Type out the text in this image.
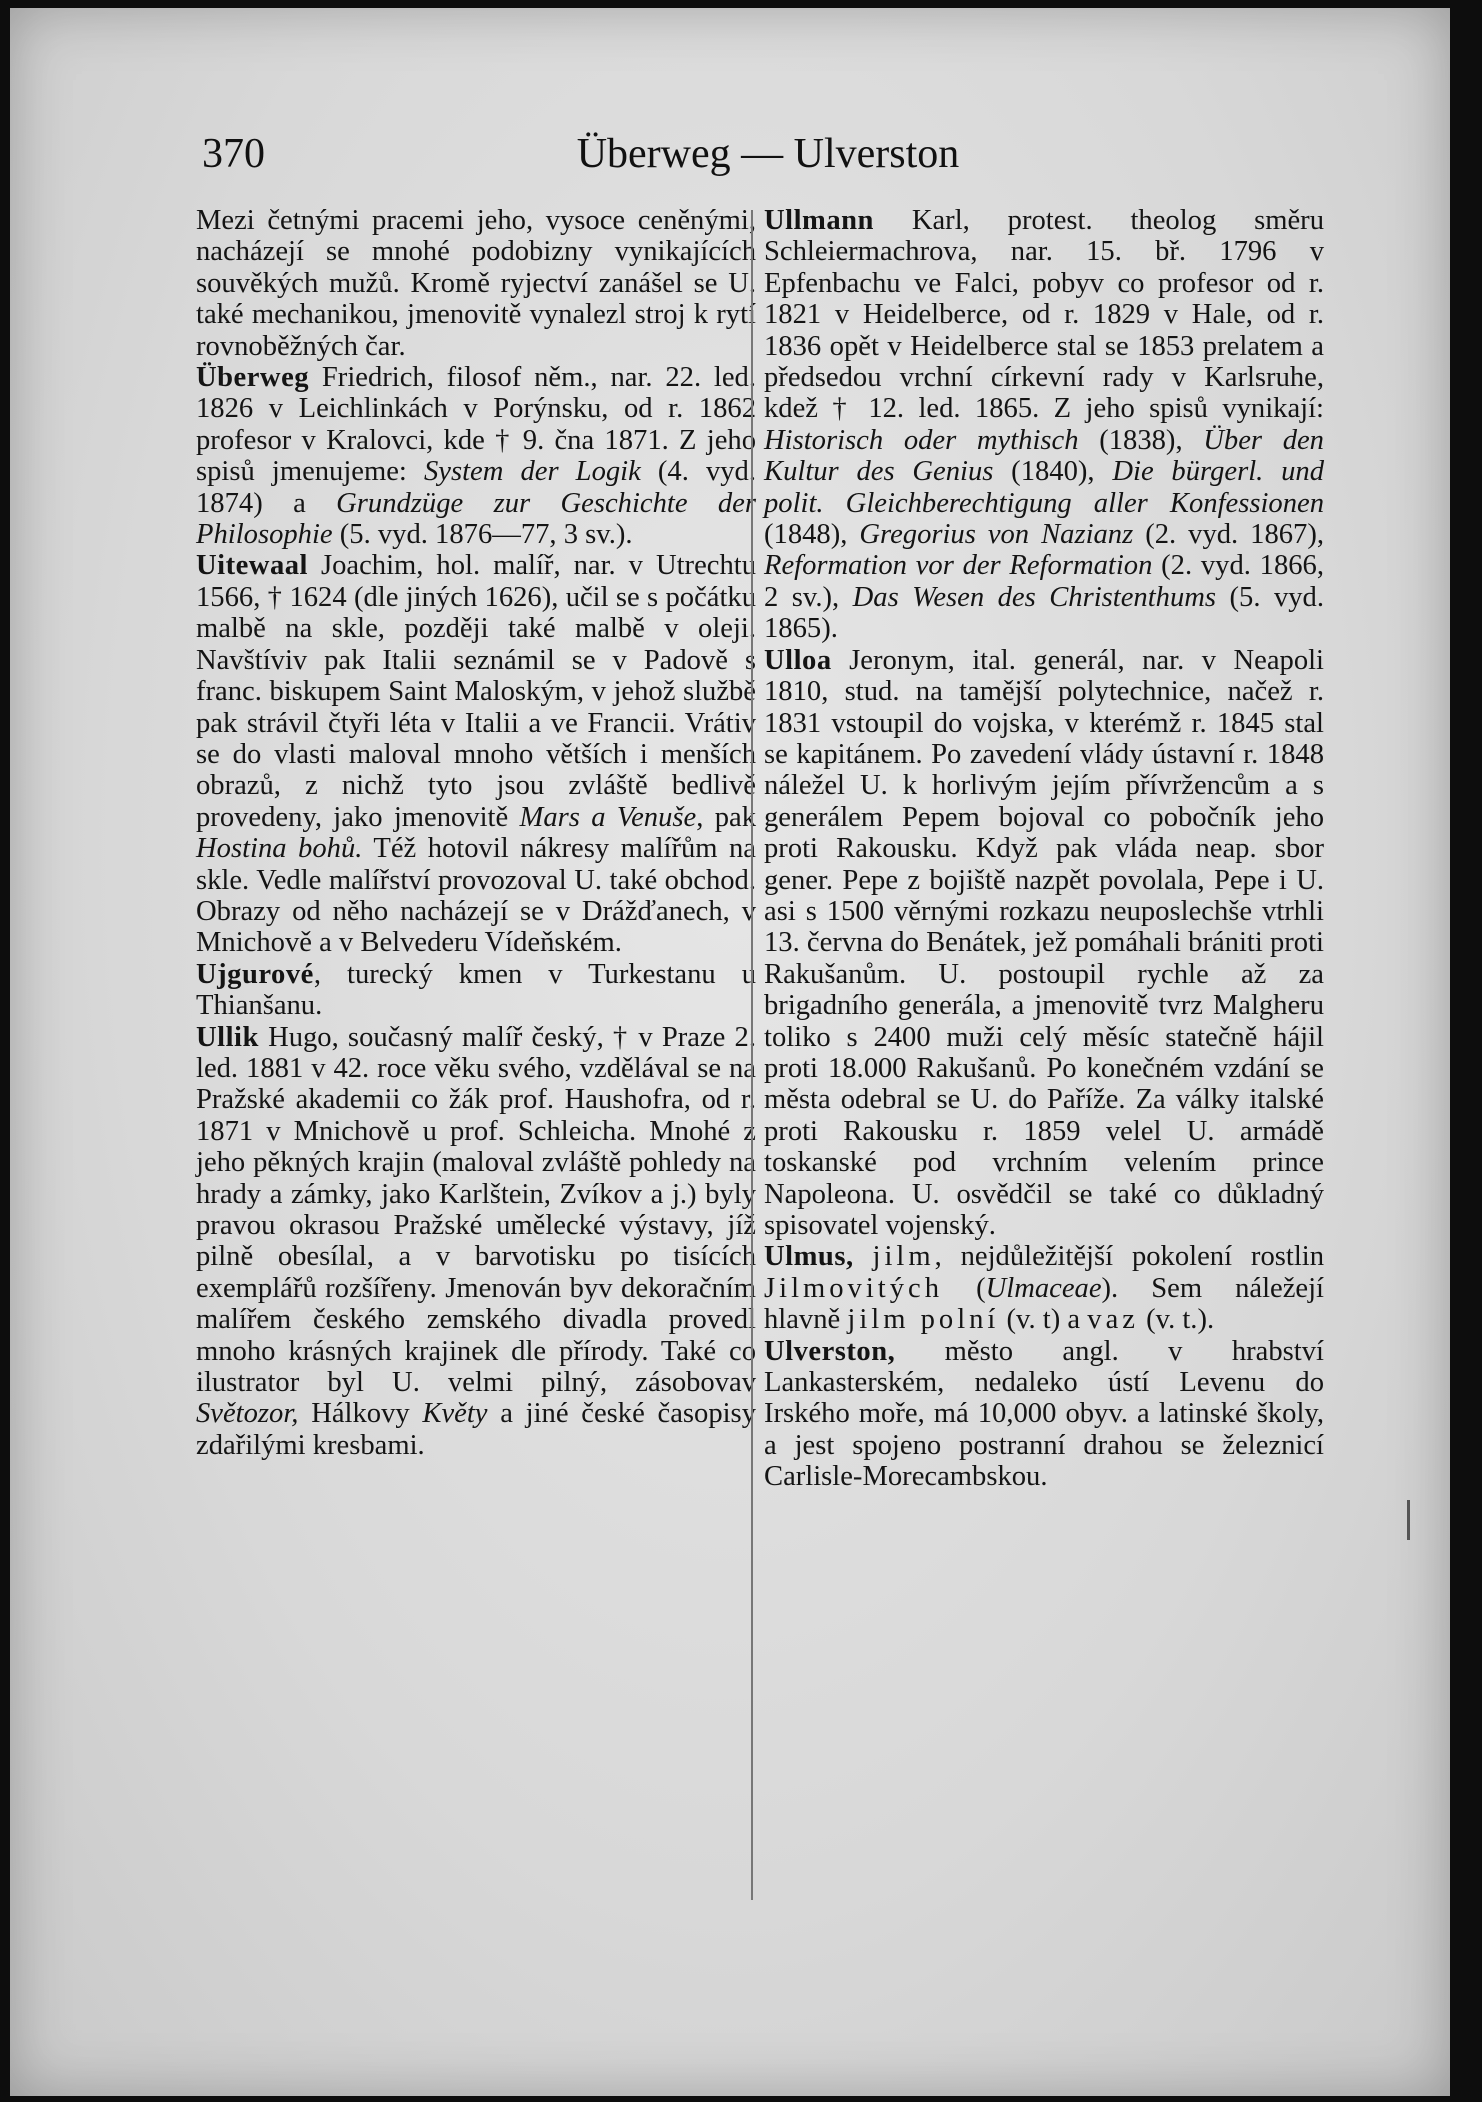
370	Überweg — Ulverston

Mezi četnými pracemi jeho, vysoce ceněnými, nacházejí se mnohé podobizny vynikajících souvěkých mužů. Kromě ryjectví zanášel se U. také mechanikou, jmenovitě vynalezl stroj k rytí rovnoběžných čar.

Überweg Friedrich, filosof něm., nar. 22. led. 1826 v Leichlinkách v Porýnsku, od r. 1862 profesor v Kralovci, kde † 9. čna 1871. Z jeho spisů jmenujeme: System der Logik (4. vyd. 1874) a Grundzüge zur Geschichte der Philosophie (5. vyd. 1876—77, 3 sv.).

Uitewaal Joachim, hol. malíř, nar. v Utrechtu 1566, † 1624 (dle jiných 1626), učil se s počátku malbě na skle, později také malbě v oleji. Navštíviv pak Italii seznámil se v Padově s franc. biskupem Saint Maloským, v jehož službě pak strávil čtyři léta v Italii a ve Francii. Vrátiv se do vlasti maloval mnoho větších i menších obrazů, z nichž tyto jsou zvláště bedlivě provedeny, jako jmenovitě Mars a Venuše, pak Hostina bohů. Též hotovil nákresy malířům na skle. Vedle malířství provozoval U. také obchod. Obrazy od něho nacházejí se v Drážďanech, v Mnichově a v Belvederu Vídeňském.

Ujgurové, turecký kmen v Turkestanu u Thianšanu.

Ullik Hugo, současný malíř český, † v Praze 2. led. 1881 v 42. roce věku svého, vzdělával se na Pražské akademii co žák prof. Haushofra, od r. 1871 v Mnichově u prof. Schleicha. Mnohé z jeho pěkných krajin (maloval zvláště pohledy na hrady a zámky, jako Karlštein, Zvíkov a j.) byly pravou okrasou Pražské umělecké výstavy, jíž pilně obesílal, a v barvotisku po tisících exemplářů rozšířeny. Jmenován byv dekoračním malířem českého zemského divadla provedl mnoho krásných krajinek dle přírody. Také co ilustrator byl U. velmi pilný, zásobovav Světozor, Hálkovy Květy a jiné české časopisy zdařilými kresbami.

Ullmann Karl, protest. theolog směru Schleiermachrova, nar. 15. bř. 1796 v Epfenbachu ve Falci, pobyv co profesor od r. 1821 v Heidelberce, od r. 1829 v Hale, od r. 1836 opět v Heidelberce stal se 1853 prelatem a předsedou vrchní církevní rady v Karlsruhe, kdež † 12. led. 1865. Z jeho spisů vynikají: Historisch oder mythisch (1838), Über den Kultur des Genius (1840), Die bürgerl. und polit. Gleichberechtigung aller Konfessionen (1848), Gregorius von Nazianz (2. vyd. 1867), Reformation vor der Reformation (2. vyd. 1866, 2 sv.), Das Wesen des Christenthums (5. vyd. 1865).

Ulloa Jeronym, ital. generál, nar. v Neapoli 1810, stud. na tamější polytechnice, načež r. 1831 vstoupil do vojska, v kterémž r. 1845 stal se kapitánem. Po zavedení vlády ústavní r. 1848 náležel U. k horlivým jejím přívržencům a s generálem Pepem bojoval co pobočník jeho proti Rakousku. Když pak vláda neap. sbor gener. Pepe z bojiště nazpět povolala, Pepe i U. asi s 1500 věrnými rozkazu neuposlechše vtrhli 13. června do Benátek, jež pomáhali brániti proti Rakušanům. U. postoupil rychle až za brigadního generála, a jmenovitě tvrz Malgheru toliko s 2400 muži celý měsíc statečně hájil proti 18.000 Rakušanů. Po konečném vzdání se města odebral se U. do Paříže. Za války italské proti Rakousku r. 1859 velel U. armádě toskanské pod vrchním velením prince Napoleona. U. osvědčil se také co důkladný spisovatel vojenský.

Ulmus, jilm, nejdůležitější pokolení rostlin Jilmovitých (Ulmaceae). Sem náležejí hlavně jilm polní (v. t) a vaz (v. t.).

Ulverston, město angl. v hrabství Lankasterském, nedaleko ústí Levenu do Irského moře, má 10,000 obyv. a latinské školy, a jest spojeno postranní drahou se železnicí Carlisle-Morecambskou.
